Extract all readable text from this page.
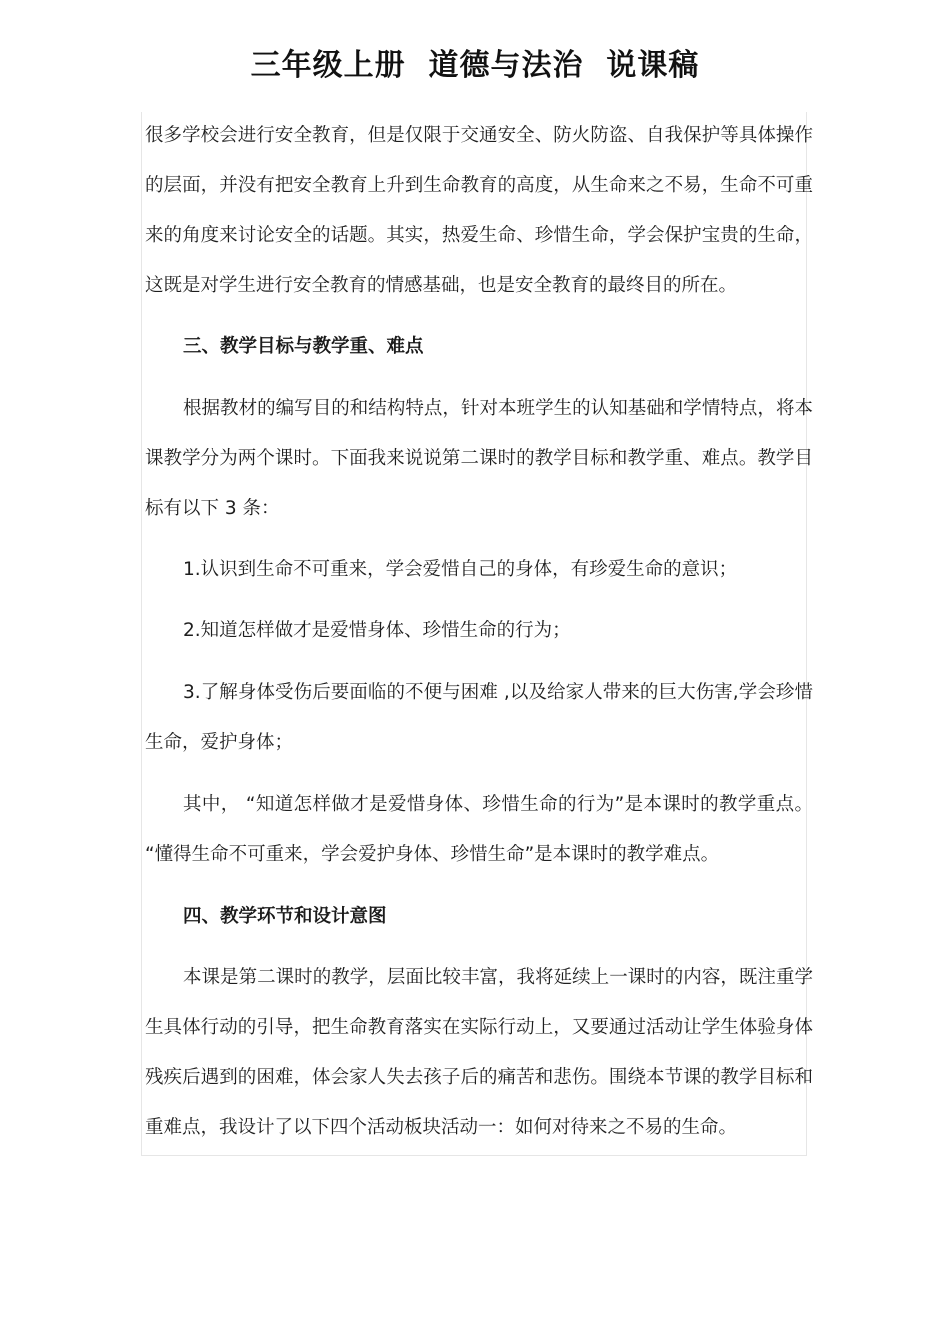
三年级上册  道德与法治  说课稿

很多学校会进行安全教育，但是仅限于交通安全、防火防盗、自我保护等具体操作的层面，并没有把安全教育上升到生命教育的高度，从生命来之不易，生命不可重来的角度来讨论安全的话题。其实，热爱生命、珍惜生命，学会保护宝贵的生命，这既是对学生进行安全教育的情感基础，也是安全教育的最终目的所在。

三、教学目标与教学重、难点

根据教材的编写目的和结构特点，针对本班学生的认知基础和学情特点，将本课教学分为两个课时。下面我来说说第二课时的教学目标和教学重、难点。教学目标有以下 3 条：

1.认识到生命不可重来，学会爱惜自己的身体，有珍爱生命的意识；

2.知道怎样做才是爱惜身体、珍惜生命的行为；

3.了解身体受伤后要面临的不便与困难 ,以及给家人带来的巨大伤害,学会珍惜生命，爱护身体；

其中， “知道怎样做才是爱惜身体、珍惜生命的行为”是本课时的教学重点。 “懂得生命不可重来，学会爱护身体、珍惜生命”是本课时的教学难点。

四、教学环节和设计意图

本课是第二课时的教学，层面比较丰富，我将延续上一课时的内容，既注重学生具体行动的引导，把生命教育落实在实际行动上，又要通过活动让学生体验身体残疾后遇到的困难，体会家人失去孩子后的痛苦和悲伤。围绕本节课的教学目标和重难点，我设计了以下四个活动板块活动一：如何对待来之不易的生命。
